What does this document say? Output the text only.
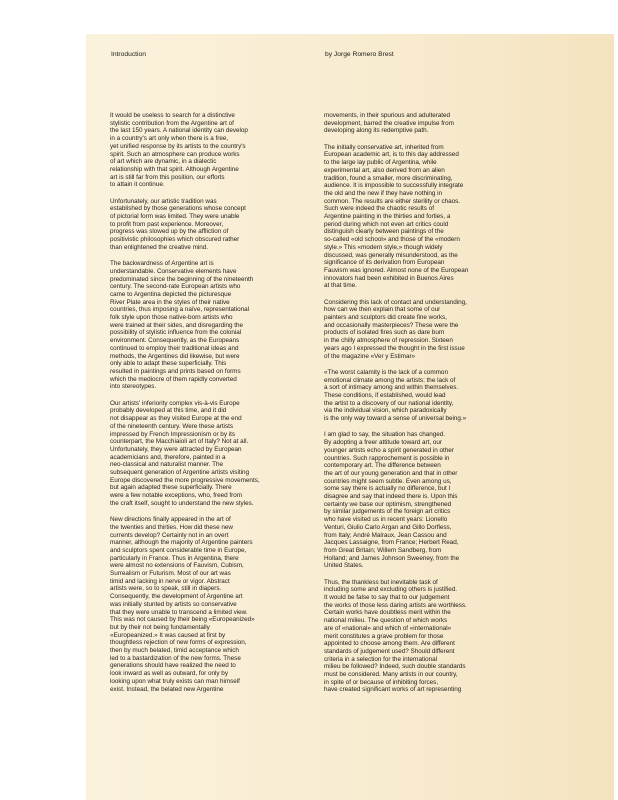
Introduction	by Jorge Romero Brest

It would be useless to search for a distinctive
stylistic contribution from the Argentine art of
the last 150 years. A national identity can develop
in a country's art only when there is a free,
yet unified response by its artists to the country's
spirit. Such an atmosphere can produce works
of art which are dynamic, in a dialectic
relationship with that spirit. Although Argentine
art is still far from this position, our efforts
to attain it continue.

Unfortunately, our artistic tradition was
established by those generations whose concept
of pictorial form was limited. They were unable
to profit from past experience. Moreover,
progress was slowed up by the affliction of
positivistic philosophies which obscured rather
than enlightened the creative mind.

The backwardness of Argentine art is
understandable. Conservative elements have
predominated since the beginning of the nineteenth
century. The second-rate European artists who
came to Argentina depicted the picturesque
River Plate area in the styles of their native
countries, thus imposing a naïve, representational
folk style upon those native-born artists who
were trained at their sides, and disregarding the
possibility of stylistic influence from the colonial
environment. Consequently, as the Europeans
continued to employ their traditional ideas and
methods, the Argentines did likewise, but were
only able to adapt these superficially. This
resulted in paintings and prints based on forms
which the mediocre of them rapidly converted
into stereotypes.

Our artists' inferiority complex vis-à-vis Europe
probably developed at this time, and it did
not disappear as they visited Europe at the end
of the nineteenth century. Were these artists
impressed by French Impressionism or by its
counterpart, the Macchiaioli art of Italy? Not at all.
Unfortunately, they were attracted by European
academicians and, therefore, painted in a
neo-classical and naturalist manner. The
subsequent generation of Argentine artists visiting
Europe discovered the more progressive movements,
but again adapted these superficially. There
were a few notable exceptions, who, freed from
the craft itself, sought to understand the new styles.

New directions finally appeared in the art of
the twenties and thirties. How did these new
currents develop? Certainly not in an overt
manner, although the majority of Argentine painters
and sculptors spent considerable time in Europe,
particularly in France. Thus in Argentina, there
were almost no extensions of Fauvism, Cubism,
Surrealism or Futurism. Most of our art was
timid and lacking in nerve or vigor. Abstract
artists were, so to speak, still in diapers.
Consequently, the development of Argentine art
was initially stunted by artists so conservative
that they were unable to transcend a limited view.
This was not caused by their being «Europeanized»
but by their not being fundamentally
«Europeanized.» It was caused at first by
thoughtless rejection of new forms of expression,
then by much belated, timid acceptance which
led to a bastardization of the new forms. These
generations should have realized the need to
look inward as well as outward, for only by
looking upon what truly exists can man himself
exist. Instead, the belated new Argentine

movements, in their spurious and adulterated
development, barred the creative impulse from
developing along its redemptive path.

The initially conservative art, inherited from
European academic art, is to this day addressed
to the large lay public of Argentina, while
experimental art, also derived from an alien
tradition, found a smaller, more discriminating,
audience. It is impossible to successfully integrate
the old and the new if they have nothing in
common. The results are either sterility or chaos.
Such were indeed the chaotic results of
Argentine painting in the thirties and forties, a
period during which not even art critics could
distinguish clearly between paintings of the
so-called «old school» and those of the «modern
style.» This «modern style,» though widely
discussed, was generally misunderstood, as the
significance of its derivation from European
Fauvism was ignored. Almost none of the European
innovators had been exhibited in Buenos Aires
at that time.

Considering this lack of contact and understanding,
how can we then explain that some of our
painters and sculptors did create fine works,
and occasionally masterpieces? These were the
products of isolated fires such as dare burn
in the chilly atmosphere of repression. Sixteen
years ago I expressed the thought in the first issue
of the magazine «Ver y Estimar»

«The worst calamity is the lack of a common
emotional climate among the artists; the lack of
a sort of intimacy among and within themselves.
These conditions, if established, would lead
the artist to a discovery of our national identity,
via the individual vision, which paradoxically
is the only way toward a sense of universal being.»

I am glad to say, the situation has changed.
By adopting a freer attitude toward art, our
younger artists echo a spirit generated in other
countries. Such rapprochement is possible in
contemporary art. The difference between
the art of our young generation and that in other
countries might seem subtle. Even among us,
some say there is actually no difference, but I
disagree and say that indeed there is. Upon this
certainty we base our optimism, strengthened
by similar judgements of the foreign art critics
who have visited us in recent years: Lionello
Venturi, Giulio Carlo Argan and Gillo Dorfless,
from Italy; André Malraux, Jean Cassou and
Jacques Lassaigne, from France; Herbert Read,
from Great Britain; Willem Sandberg, from
Holland; and James Johnson Sweeney, from the
United States.

Thus, the thankless but inevitable task of
including some and excluding others is justified.
It would be false to say that to our judgement
the works of those less daring artists are worthless.
Certain works have doubtless merit within the
national milieu. The question of which works
are of «national» and which of «international»
merit constitutes a grave problem for those
appointed to choose among them. Are different
standards of judgement used? Should different
criteria in a selection for the international
milieu be followed? Indeed, such double standards
must be considered. Many artists in our country,
in spite of or because of inhibiting forces,
have created significant works of art representing
